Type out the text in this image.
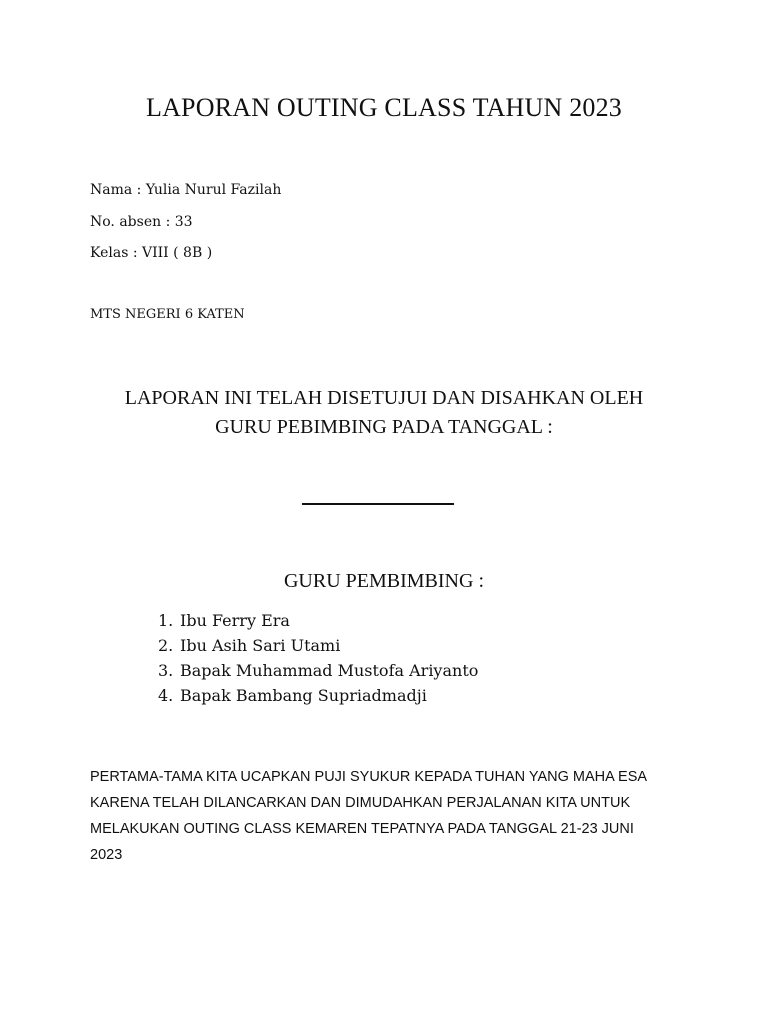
LAPORAN OUTING CLASS TAHUN 2023
Nama : Yulia Nurul Fazilah
No. absen : 33
Kelas : VIII ( 8B )
MTS NEGERI 6 KATEN
LAPORAN INI TELAH DISETUJUI DAN DISAHKAN OLEH
GURU PEBIMBING PADA TANGGAL :
GURU PEMBIMBING :
1. Ibu Ferry Era
2. Ibu Asih Sari Utami
3. Bapak Muhammad Mustofa Ariyanto
4. Bapak Bambang Supriadmadji
PERTAMA-TAMA KITA UCAPKAN PUJI SYUKUR KEPADA TUHAN YANG MAHA ESA
KARENA TELAH DILANCARKAN DAN DIMUDAHKAN PERJALANAN KITA UNTUK
MELAKUKAN OUTING CLASS KEMAREN TEPATNYA PADA TANGGAL 21-23 JUNI
2023
